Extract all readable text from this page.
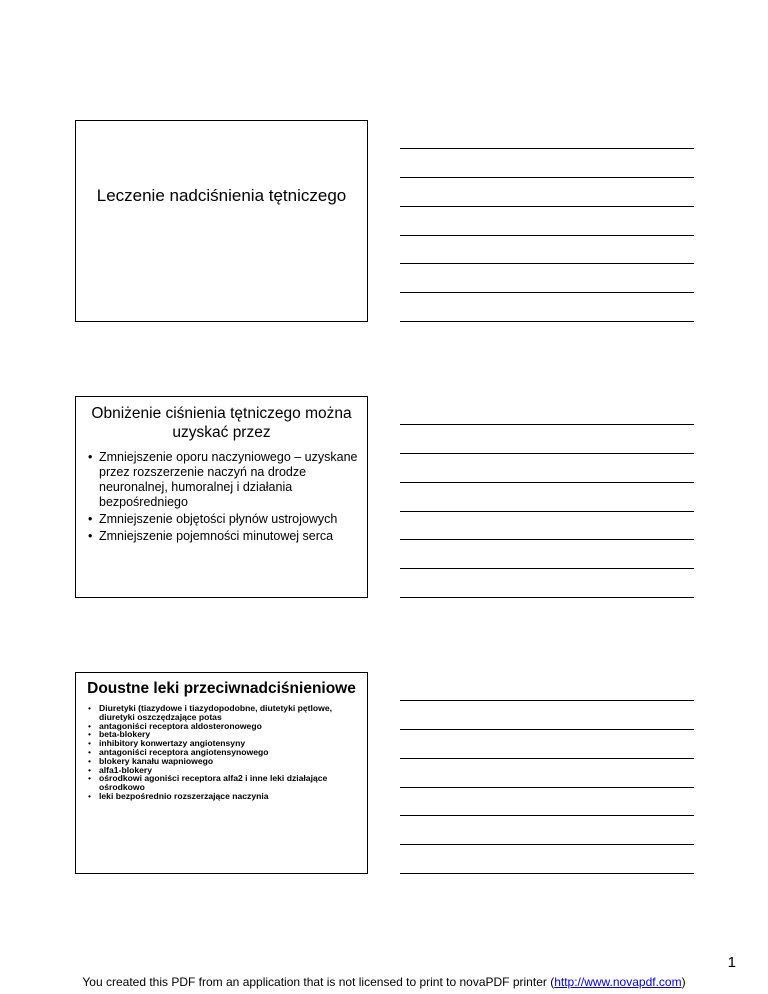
Leczenie nadciśnienia tętniczego
Obniżenie ciśnienia tętniczego można uzyskać przez
• Zmniejszenie oporu naczyniowego – uzyskane przez rozszerzenie naczyń na drodze neuronalnej, humoralnej i działania bezpośredniego
• Zmniejszenie objętości płynów ustrojowych
• Zmniejszenie pojemności minutowej serca
Doustne leki przeciwnadciśnieniowe
• Diuretyki (tiazydowe i tiazydopodobne, diutetyki pętlowe, diuretyki oszczędzające potas
• antagoniści receptora aldosteronowego
• beta-blokery
• inhibitory konwertazy angiotensyny
• antagoniści receptora angiotensynowego
• blokery kanału wapniowego
• alfa1-blokery
• ośrodkowi agoniści receptora alfa2 i inne leki działające ośrodkowo
• leki bezpośrednio rozszerzające naczynia
1
You created this PDF from an application that is not licensed to print to novaPDF printer (http://www.novapdf.com)
